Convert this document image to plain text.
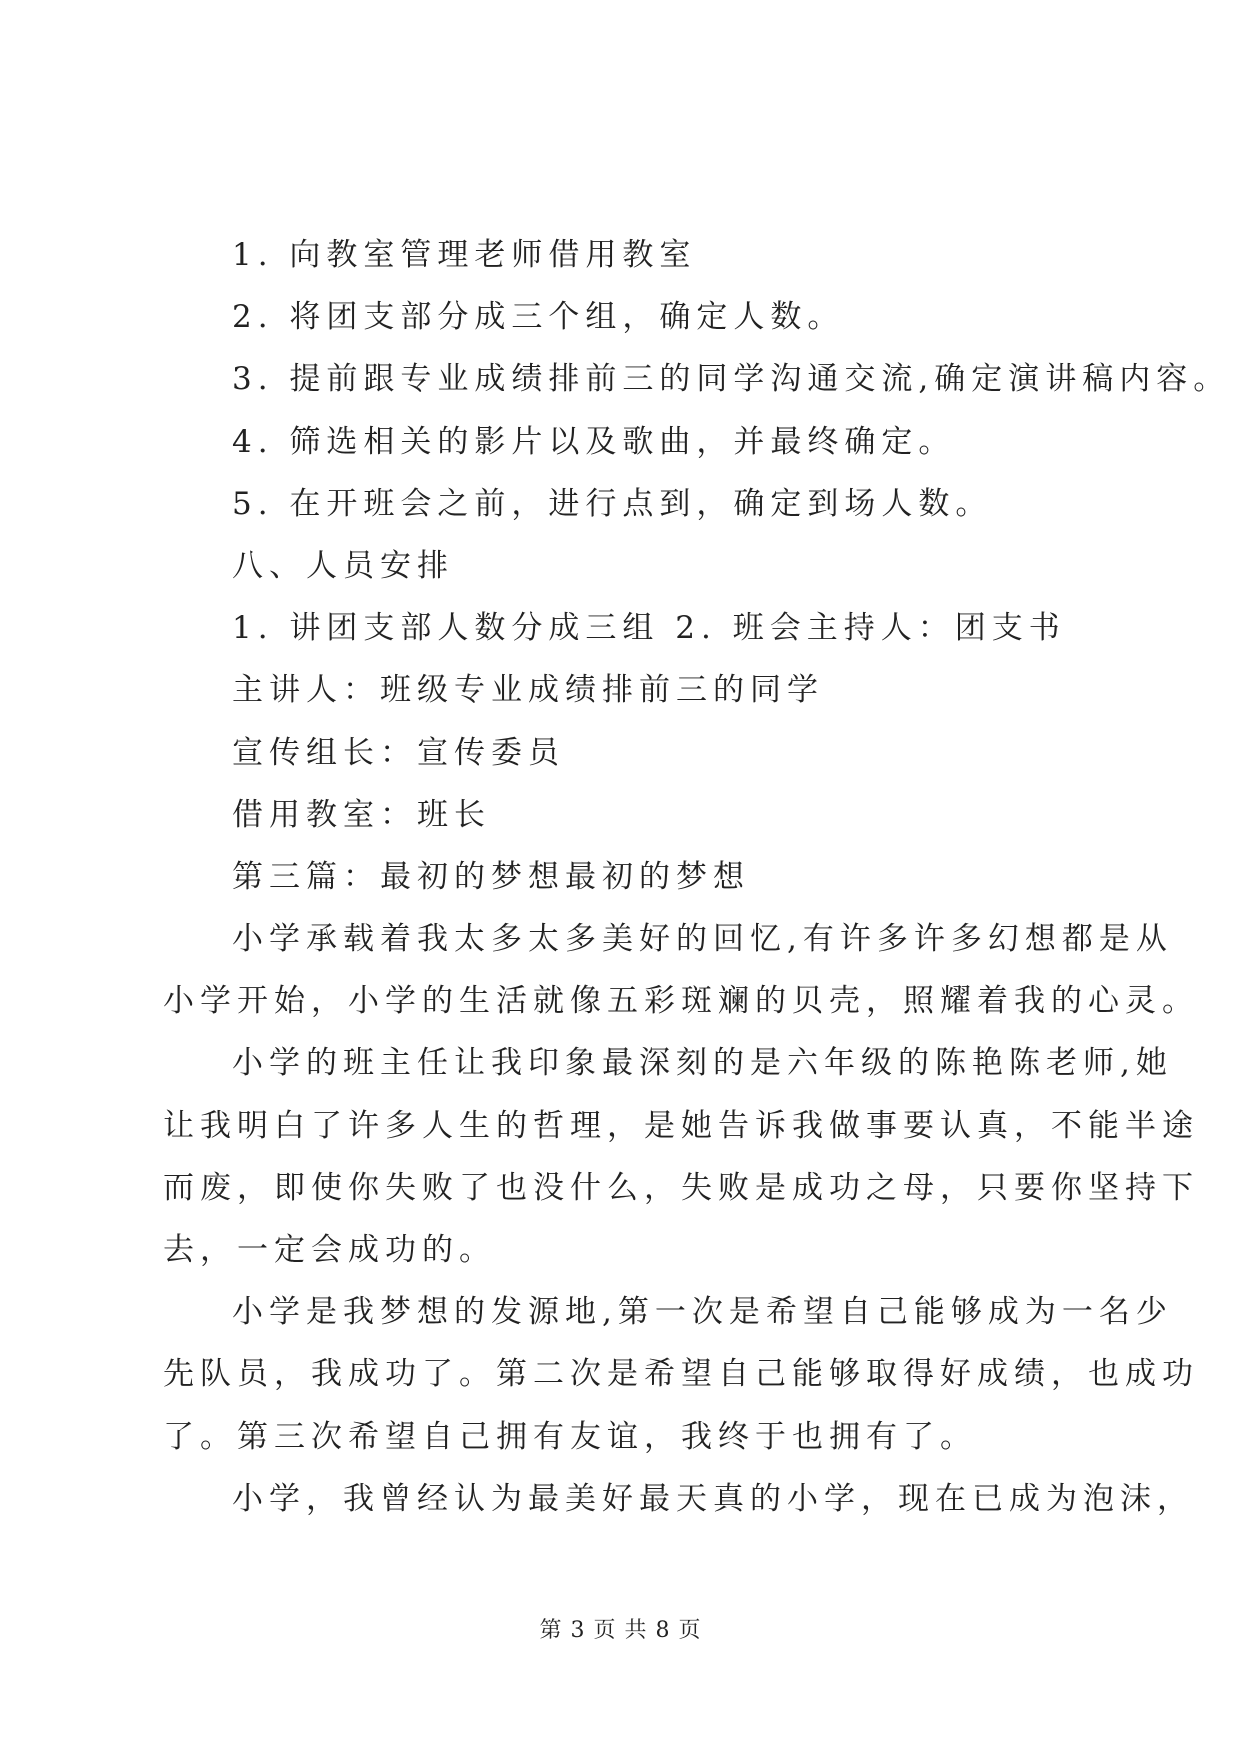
1. 向教室管理老师借用教室
2. 将团支部分成三个组，确定人数。
3. 提前跟专业成绩排前三的同学沟通交流,确定演讲稿内容。
4. 筛选相关的影片以及歌曲，并最终确定。
5. 在开班会之前，进行点到，确定到场人数。
八、人员安排
1. 讲团支部人数分成三组 2. 班会主持人：团支书
主讲人：班级专业成绩排前三的同学
宣传组长：宣传委员
借用教室：班长
第三篇：最初的梦想最初的梦想
小学承载着我太多太多美好的回忆,有许多许多幻想都是从
小学开始，小学的生活就像五彩斑斓的贝壳，照耀着我的心灵。
小学的班主任让我印象最深刻的是六年级的陈艳陈老师,她
让我明白了许多人生的哲理，是她告诉我做事要认真，不能半途
而废，即使你失败了也没什么，失败是成功之母，只要你坚持下
去，一定会成功的。
小学是我梦想的发源地,第一次是希望自己能够成为一名少
先队员，我成功了。第二次是希望自己能够取得好成绩，也成功
了。第三次希望自己拥有友谊，我终于也拥有了。
小学，我曾经认为最美好最天真的小学，现在已成为泡沫，
第 3 页 共 8 页
